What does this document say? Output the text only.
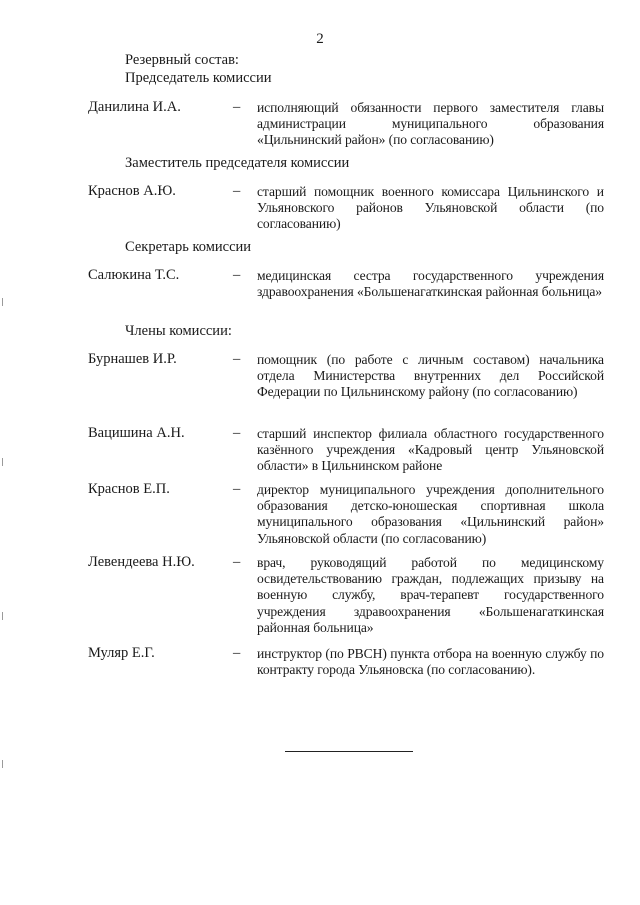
2
Резервный состав:
Председатель комиссии
Данилина И.А.	– исполняющий обязанности первого заместителя главы администрации муниципального образования «Цильнинский район» (по согласованию)
Заместитель председателя комиссии
Краснов А.Ю.	– старший помощник военного комиссара Цильнинского и Ульяновского районов Ульяновской области (по согласованию)
Секретарь комиссии
Салюкина Т.С.	– медицинская сестра государственного учреждения здравоохранения «Большенагаткинская районная больница»
Члены комиссии:
Бурнашев И.Р.	– помощник (по работе с личным составом) начальника отдела Министерства внутренних дел Российской Федерации по Цильнинскому району (по согласованию)
Вацишина А.Н.	– старший инспектор филиала областного государственного казённого учреждения «Кадровый центр Ульяновской области» в Цильнинском районе
Краснов Е.П.	– директор муниципального учреждения дополнительного образования детско-юношеская спортивная школа муниципального образования «Цильнинский район» Ульяновской области (по согласованию)
Левендеева Н.Ю.	– врач, руководящий работой по медицинскому освидетельствованию граждан, подлежащих призыву на военную службу, врач-терапевт государственного учреждения здравоохранения «Большенагаткинская районная больница»
Муляр Е.Г.	– инструктор (по РВСН) пункта отбора на военную службу по контракту города Ульяновска (по согласованию).
